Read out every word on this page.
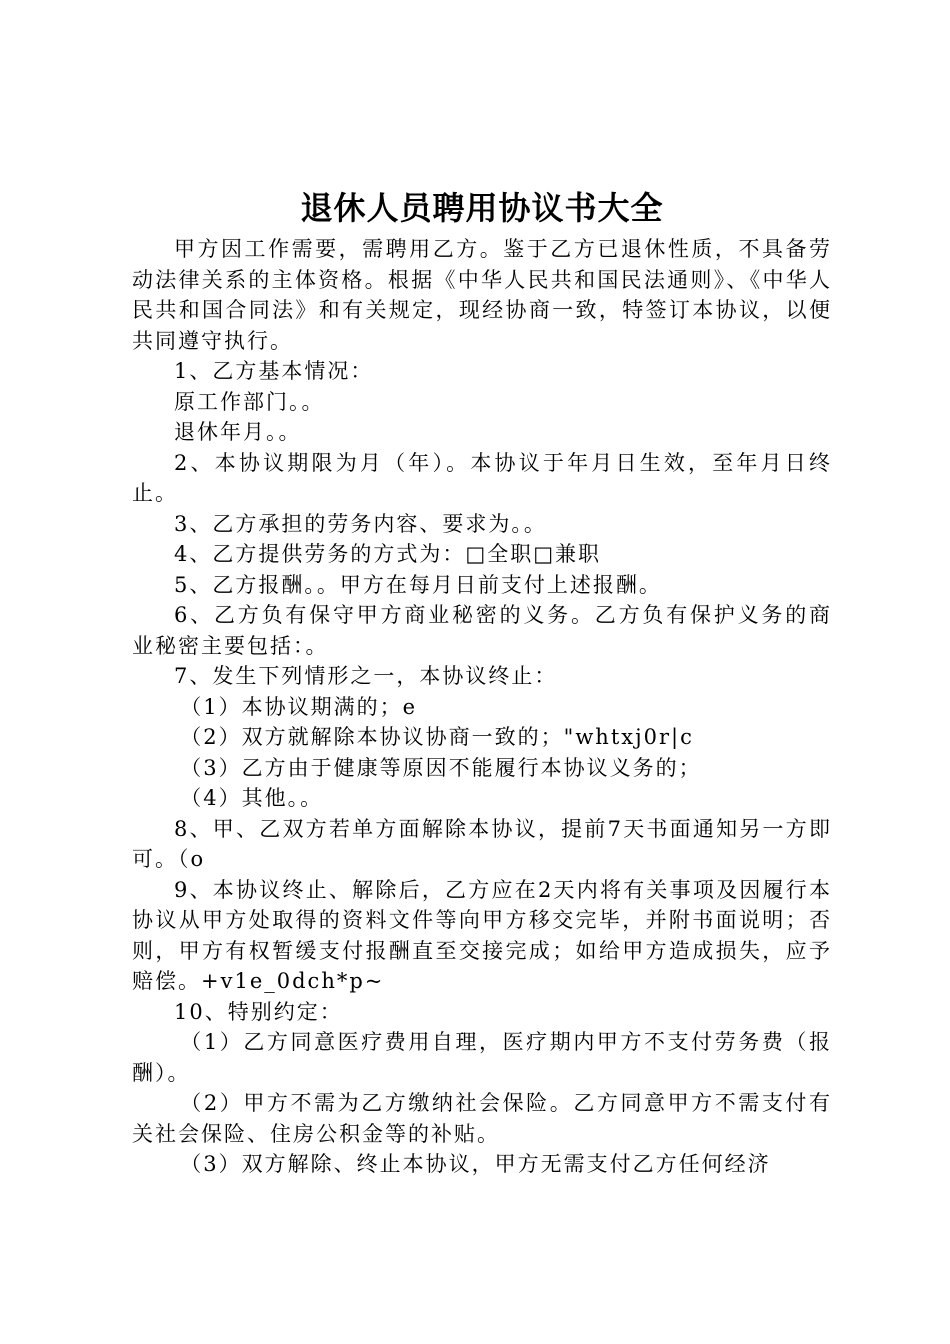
退休人员聘用协议书大全

甲方因工作需要，需聘用乙方。鉴于乙方已退休性质，不具备劳动法律关系的主体资格。根据《中华人民共和国民法通则》、《中华人民共和国合同法》和有关规定，现经协商一致，特签订本协议，以便共同遵守执行。

1、乙方基本情况：

原工作部门。。

退休年月。。

2、本协议期限为月（年）。本协议于年月日生效，至年月日终止。

3、乙方承担的劳务内容、要求为。。

4、乙方提供劳务的方式为：□全职□兼职

5、乙方报酬。。甲方在每月日前支付上述报酬。

6、乙方负有保守甲方商业秘密的义务。乙方负有保护义务的商业秘密主要包括：。

7、发生下列情形之一，本协议终止：

（1）本协议期满的；e

（2）双方就解除本协议协商一致的；"whtxj0r|c

（3）乙方由于健康等原因不能履行本协议义务的；

（4）其他。。

8、甲、乙双方若单方面解除本协议，提前7天书面通知另一方即可。（o

9、本协议终止、解除后，乙方应在2天内将有关事项及因履行本协议从甲方处取得的资料文件等向甲方移交完毕，并附书面说明；否则，甲方有权暂缓支付报酬直至交接完成；如给甲方造成损失，应予赔偿。+v1e_0dch*p~

10、特别约定：

（1）乙方同意医疗费用自理，医疗期内甲方不支付劳务费（报酬）。

（2）甲方不需为乙方缴纳社会保险。乙方同意甲方不需支付有关社会保险、住房公积金等的补贴。

（3）双方解除、终止本协议，甲方无需支付乙方任何经济
